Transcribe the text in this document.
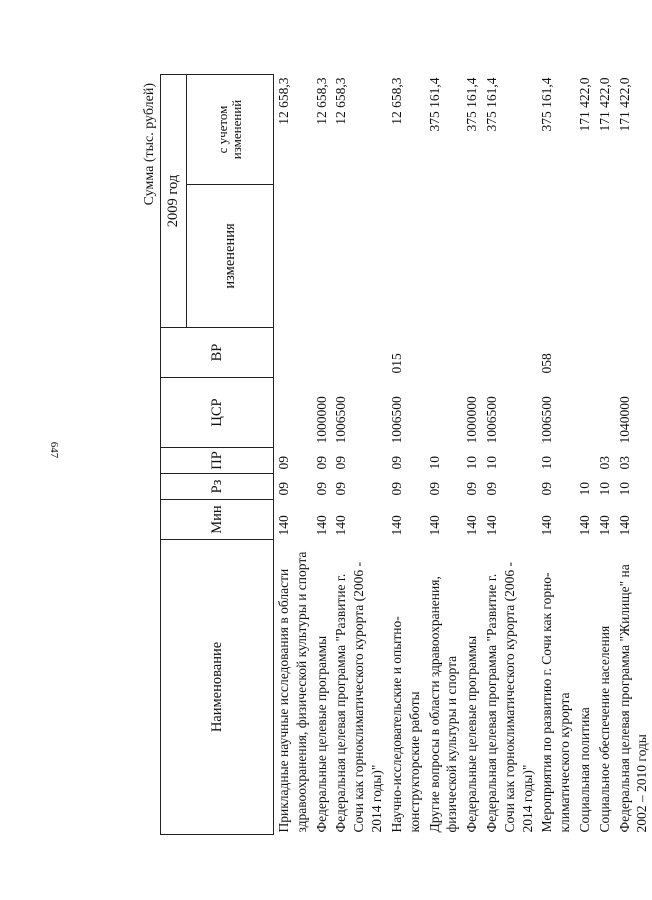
647
Сумма (тыс. рублей)
Наименование	Мин	Рз	ПР	ЦСР	ВР	2009 год	
						изменения	с учетом изменений
Прикладные научные исследования в области здравоохранения, физической культуры и спорта	140	09	09				12 658,3
Федеральные целевые программы	140	09	09	1000000			12 658,3
Федеральная целевая программа "Развитие г. Сочи как горноклиматического курорта (2006 - 2014 годы)"	140	09	09	1006500			12 658,3
Научно-исследовательские и опытно-конструкторские работы	140	09	09	1006500	015		12 658,3
Другие вопросы в области здравоохранения, физической культуры и спорта	140	09	10				375 161,4
Федеральные целевые программы	140	09	10	1000000			375 161,4
Федеральная целевая программа "Развитие г. Сочи как горноклиматического курорта (2006 - 2014 годы)"	140	09	10	1006500			375 161,4
Мероприятия по развитию г. Сочи как горно-климатического курорта	140	09	10	1006500	058		375 161,4
Социальная политика	140	10					171 422,0
Социальное обеспечение населения	140	10	03				171 422,0
Федеральная целевая программа "Жилище" на 2002 – 2010 годы	140	10	03	1040000			171 422,0
